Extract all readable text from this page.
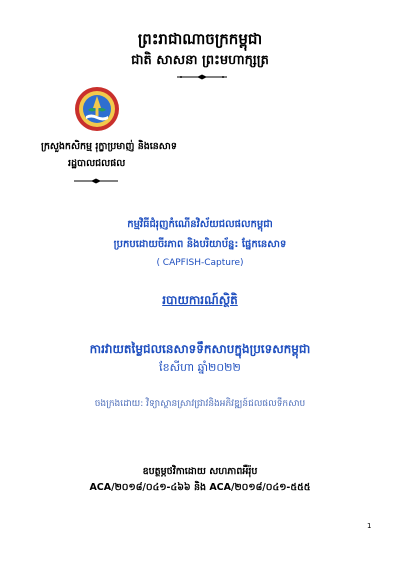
ព្រះរាជាណាចក្រកម្ពុជា
ជាតិ សាសនា ព្រះមហាក្សត្រ
ក្រសួងកសិកម្ម រុក្ខាប្រមាញ់ និងនេសាទ
រដ្ឋបាលជលផល
កម្មវិធីជំរុញកំណើនវិស័យជលផលកម្ពុជា
ប្រកបដោយចីរភាព និងបរិយាប័ន្ន: ផ្នែកនេសាទ
( CAPFISH-Capture)
របាយការណ៍ស្ថិតិ
ការវាយតម្លៃជលនេសាទទឹកសាបក្នុងប្រទេសកម្ពុជា
ខែសីហា ឆ្នាំ២០២២
ចងក្រងដោយ: វិទ្យាស្ថានស្រាវជ្រាវនិងអភិវឌ្ឍន៍ជលផលទឹកសាប
ឧបត្ថម្ភថវិកាដោយ សហភាពអឺរ៉ុប
ACA/២០១៨/០៤១-៤៦៦ និង ACA/២០១៨/០៤១-៥៥៥
1
